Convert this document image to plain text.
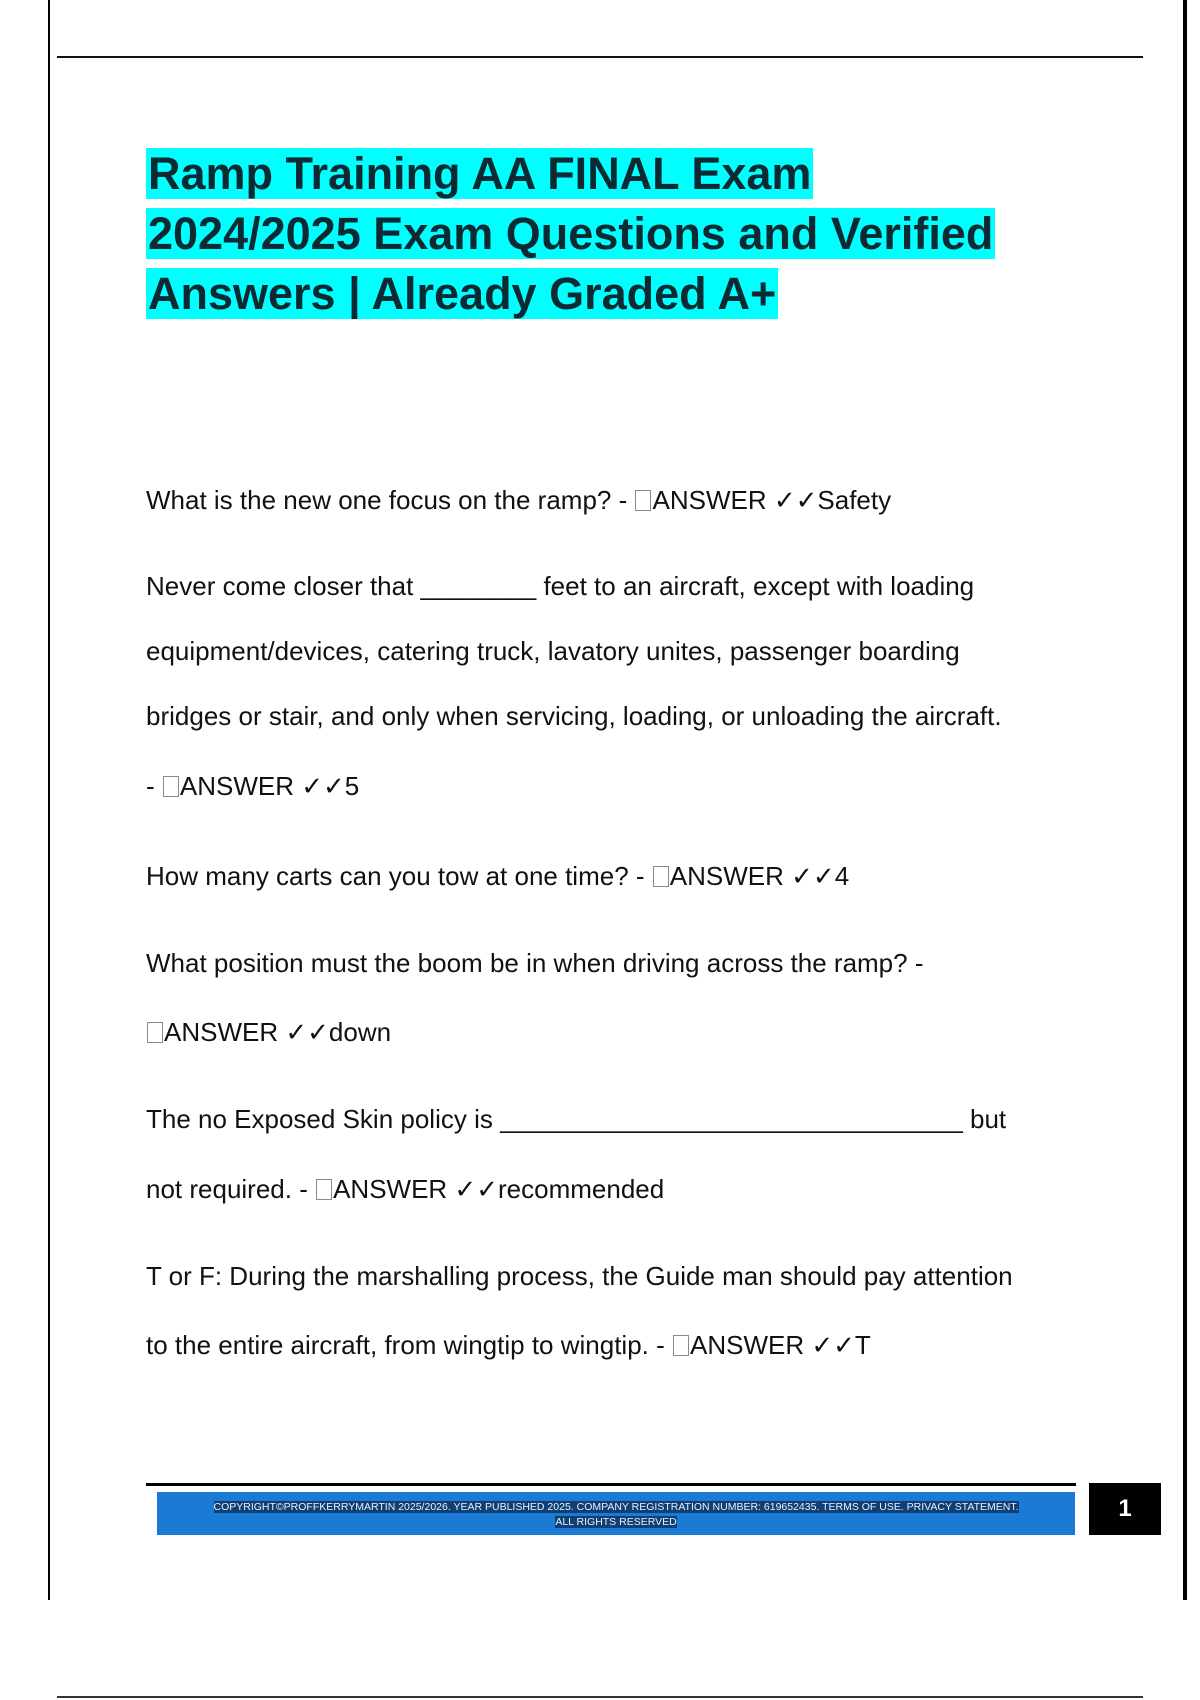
Ramp Training AA FINAL Exam
2024/2025 Exam Questions and Verified
Answers | Already Graded A+

What is the new one focus on the ramp? - ANSWER ✓✓Safety

Never come closer that ________ feet to an aircraft, except with loading

equipment/devices, catering truck, lavatory unites, passenger boarding

bridges or stair, and only when servicing, loading, or unloading the aircraft.

- ANSWER ✓✓5

How many carts can you tow at one time? - ANSWER ✓✓4

What position must the boom be in when driving across the ramp? -

ANSWER ✓✓down

The no Exposed Skin policy is ________________________________ but

not required. - ANSWER ✓✓recommended

T or F: During the marshalling process, the Guide man should pay attention

to the entire aircraft, from wingtip to wingtip. - ANSWER ✓✓T

COPYRIGHT©PROFFKERRYMARTIN 2025/2026. YEAR PUBLISHED 2025. COMPANY REGISTRATION NUMBER: 619652435. TERMS OF USE. PRIVACY STATEMENT.
ALL RIGHTS RESERVED	1
